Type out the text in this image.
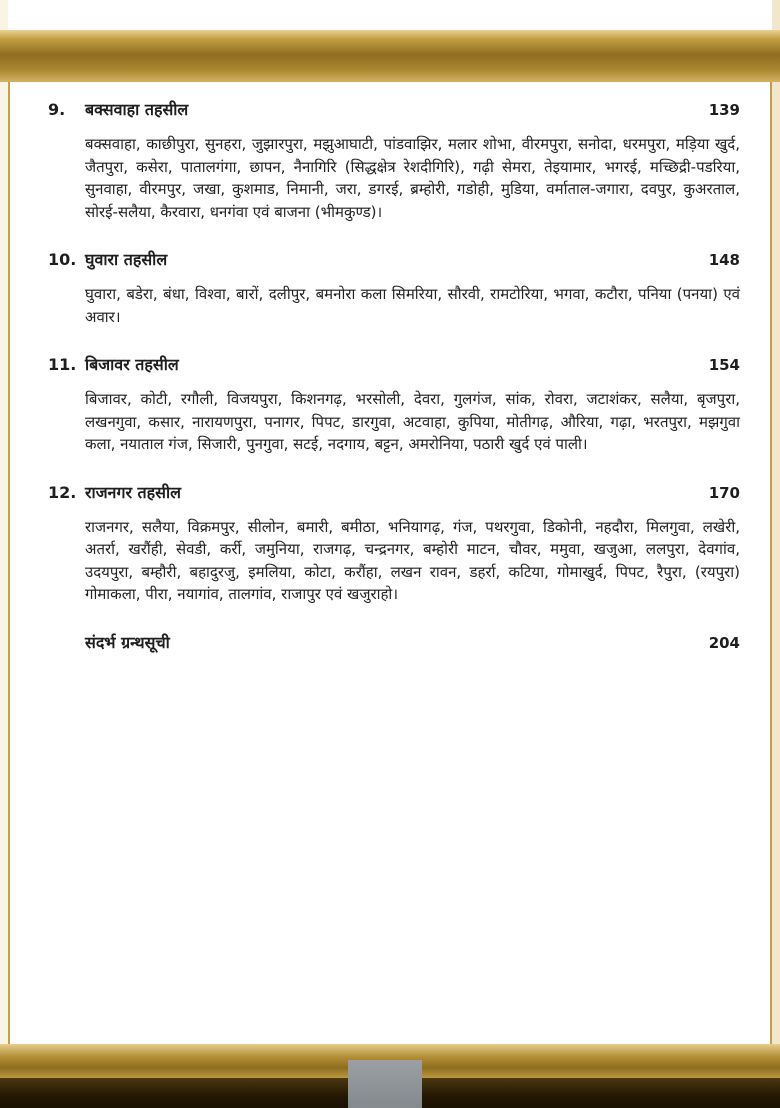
9.	बक्सवाहा तहसील	139
बक्सवाहा, काछीपुरा, सुनहरा, जुझारपुरा, मझुआघाटी, पांडवाझिर, मलार शोभा, वीरमपुरा, सनोदा, धरमपुरा, मड़िया खुर्द, जैतपुरा, कसेरा, पातालगंगा, छापन, नैनागिरि (सिद्धक्षेत्र रेशदीगिरि), गढ़ी सेमरा, तेइयामार, भगरई, मच्छिद्री-पडरिया, सुनवाहा, वीरमपुर, जखा, कुशमाड, निमानी, जरा, डगरई, ब्रम्होरी, गडोही, मुडिया, वर्माताल-जगारा, दवपुर, कुअरताल, सोरई-सलैया, कैरवारा, धनगंवा एवं बाजना (भीमकुण्ड)।
10. घुवारा तहसील	148
घुवारा, बडेरा, बंधा, विश्वा, बारों, दलीपुर, बमनोरा कला सिमरिया, सौरवी, रामटोरिया, भगवा, कटौरा, पनिया (पनया) एवं अवार।
11. बिजावर तहसील	154
बिजावर, कोटी, रगौली, विजयपुरा, किशनगढ़, भरसोली, देवरा, गुलगंज, सांक, रोवरा, जटाशंकर, सलैया, बृजपुरा, लखनगुवा, कसार, नारायणपुरा, पनागर, पिपट, डारगुवा, अटवाहा, कुपिया, मोतीगढ़, औरिया, गढ़ा, भरतपुरा, मझगुवा कला, नयाताल गंज, सिजारी, पुनगुवा, सटई, नदगाय, बट्टन, अमरोनिया, पठारी खुर्द एवं पाली।
12. राजनगर तहसील	170
राजनगर, सलैया, विक्रमपुर, सीलोन, बमारी, बमीठा, भनियागढ़, गंज, पथरगुवा, डिकोनी, नहदौरा, मिलगुवा, लखेरी, अतर्रा, खरौंही, सेवडी, कर्री, जमुनिया, राजगढ़, चन्द्रनगर, बम्होरी माटन, चौवर, ममुवा, खजुआ, ललपुरा, देवगांव, उदयपुरा, बम्हौरी, बहादुरजु, इमलिया, कोटा, करौंहा, लखन रावन, डहर्रा, कटिया, गोमाखुर्द, पिपट, रैपुरा, (रयपुरा) गोमाकला, पीरा, नयागांव, तालगांव, राजापुर एवं खजुराहो।
संदर्भ ग्रन्थसूची	204
